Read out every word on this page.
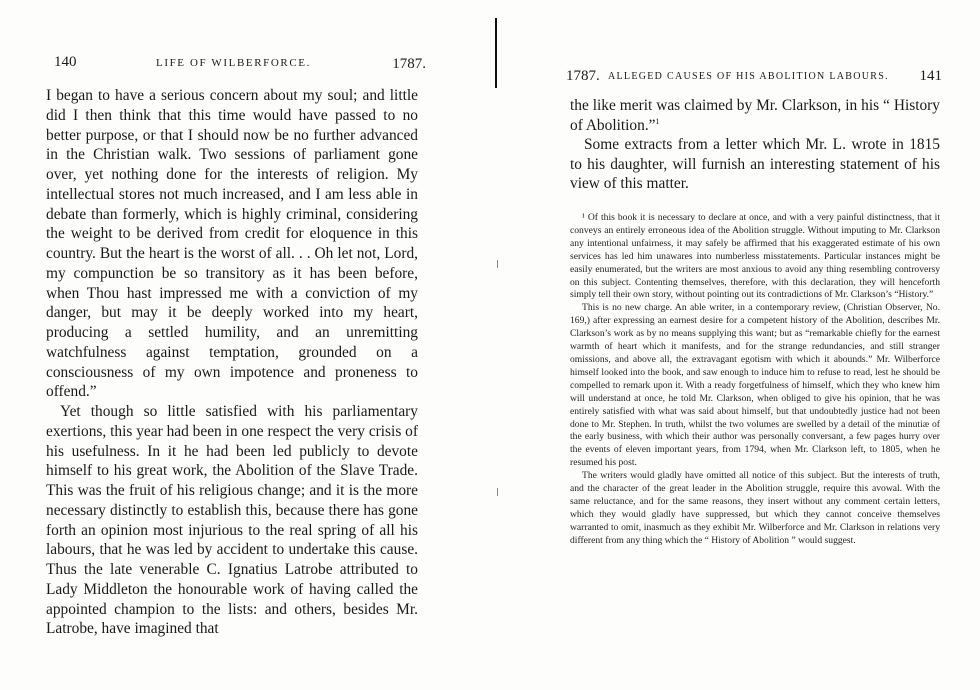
140	LIFE OF WILBERFORCE.	1787.

I began to have a serious concern about my soul; and little did I then think that this time would have passed to no better purpose, or that I should now be no further advanced in the Christian walk. Two sessions of parliament gone over, yet nothing done for the interests of religion. My intellectual stores not much increased, and I am less able in debate than formerly, which is highly criminal, considering the weight to be derived from credit for eloquence in this country. But the heart is the worst of all. . . Oh let not, Lord, my compunction be so transitory as it has been before, when Thou hast impressed me with a conviction of my danger, but may it be deeply worked into my heart, producing a settled humility, and an unremitting watchfulness against temptation, grounded on a consciousness of my own impotence and proneness to offend.”

Yet though so little satisfied with his parliamentary exertions, this year had been in one respect the very crisis of his usefulness. In it he had been led publicly to devote himself to his great work, the Abolition of the Slave Trade. This was the fruit of his religious change; and it is the more necessary distinctly to establish this, because there has gone forth an opinion most injurious to the real spring of all his labours, that he was led by accident to undertake this cause. Thus the late venerable C. Ignatius Latrobe attributed to Lady Middleton the honourable work of having called the appointed champion to the lists: and others, besides Mr. Latrobe, have imagined that

1787. ALLEGED CAUSES OF HIS ABOLITION LABOURS. 141

the like merit was claimed by Mr. Clarkson, in his “ History of Abolition.”$^1$

Some extracts from a letter which Mr. L. wrote in 1815 to his daughter, will furnish an interesting statement of his view of this matter.

¹ Of this book it is necessary to declare at once, and with a very painful distinctness, that it conveys an entirely erroneous idea of the Abolition struggle. Without imputing to Mr. Clarkson any intentional unfairness, it may safely be affirmed that his exaggerated estimate of his own services has led him unawares into numberless misstatements. Particular instances might be easily enumerated, but the writers are most anxious to avoid any thing resembling controversy on this subject. Contenting themselves, therefore, with this declaration, they will henceforth simply tell their own story, without pointing out its contradictions of Mr. Clarkson’s “History.”

This is no new charge. An able writer, in a contemporary review, (Christian Observer, No. 169,) after expressing an earnest desire for a competent history of the Abolition, describes Mr. Clarkson’s work as by no means supplying this want; but as “remarkable chiefly for the earnest warmth of heart which it manifests, and for the strange redundancies, and still stranger omissions, and above all, the extravagant egotism with which it abounds.” Mr. Wilberforce himself looked into the book, and saw enough to induce him to refuse to read, lest he should be compelled to remark upon it. With a ready forgetfulness of himself, which they who knew him will understand at once, he told Mr. Clarkson, when obliged to give his opinion, that he was entirely satisfied with what was said about himself, but that undoubtedly justice had not been done to Mr. Stephen. In truth, whilst the two volumes are swelled by a detail of the minutiæ of the early business, with which their author was personally conversant, a few pages hurry over the events of eleven important years, from 1794, when Mr. Clarkson left, to 1805, when he resumed his post.

The writers would gladly have omitted all notice of this subject. But the interests of truth, and the character of the great leader in the Abolition struggle, require this avowal. With the same reluctance, and for the same reasons, they insert without any comment certain letters, which they would gladly have suppressed, but which they cannot conceive themselves warranted to omit, inasmuch as they exhibit Mr. Wilberforce and Mr. Clarkson in relations very different from any thing which the “ History of Abolition ” would suggest.
